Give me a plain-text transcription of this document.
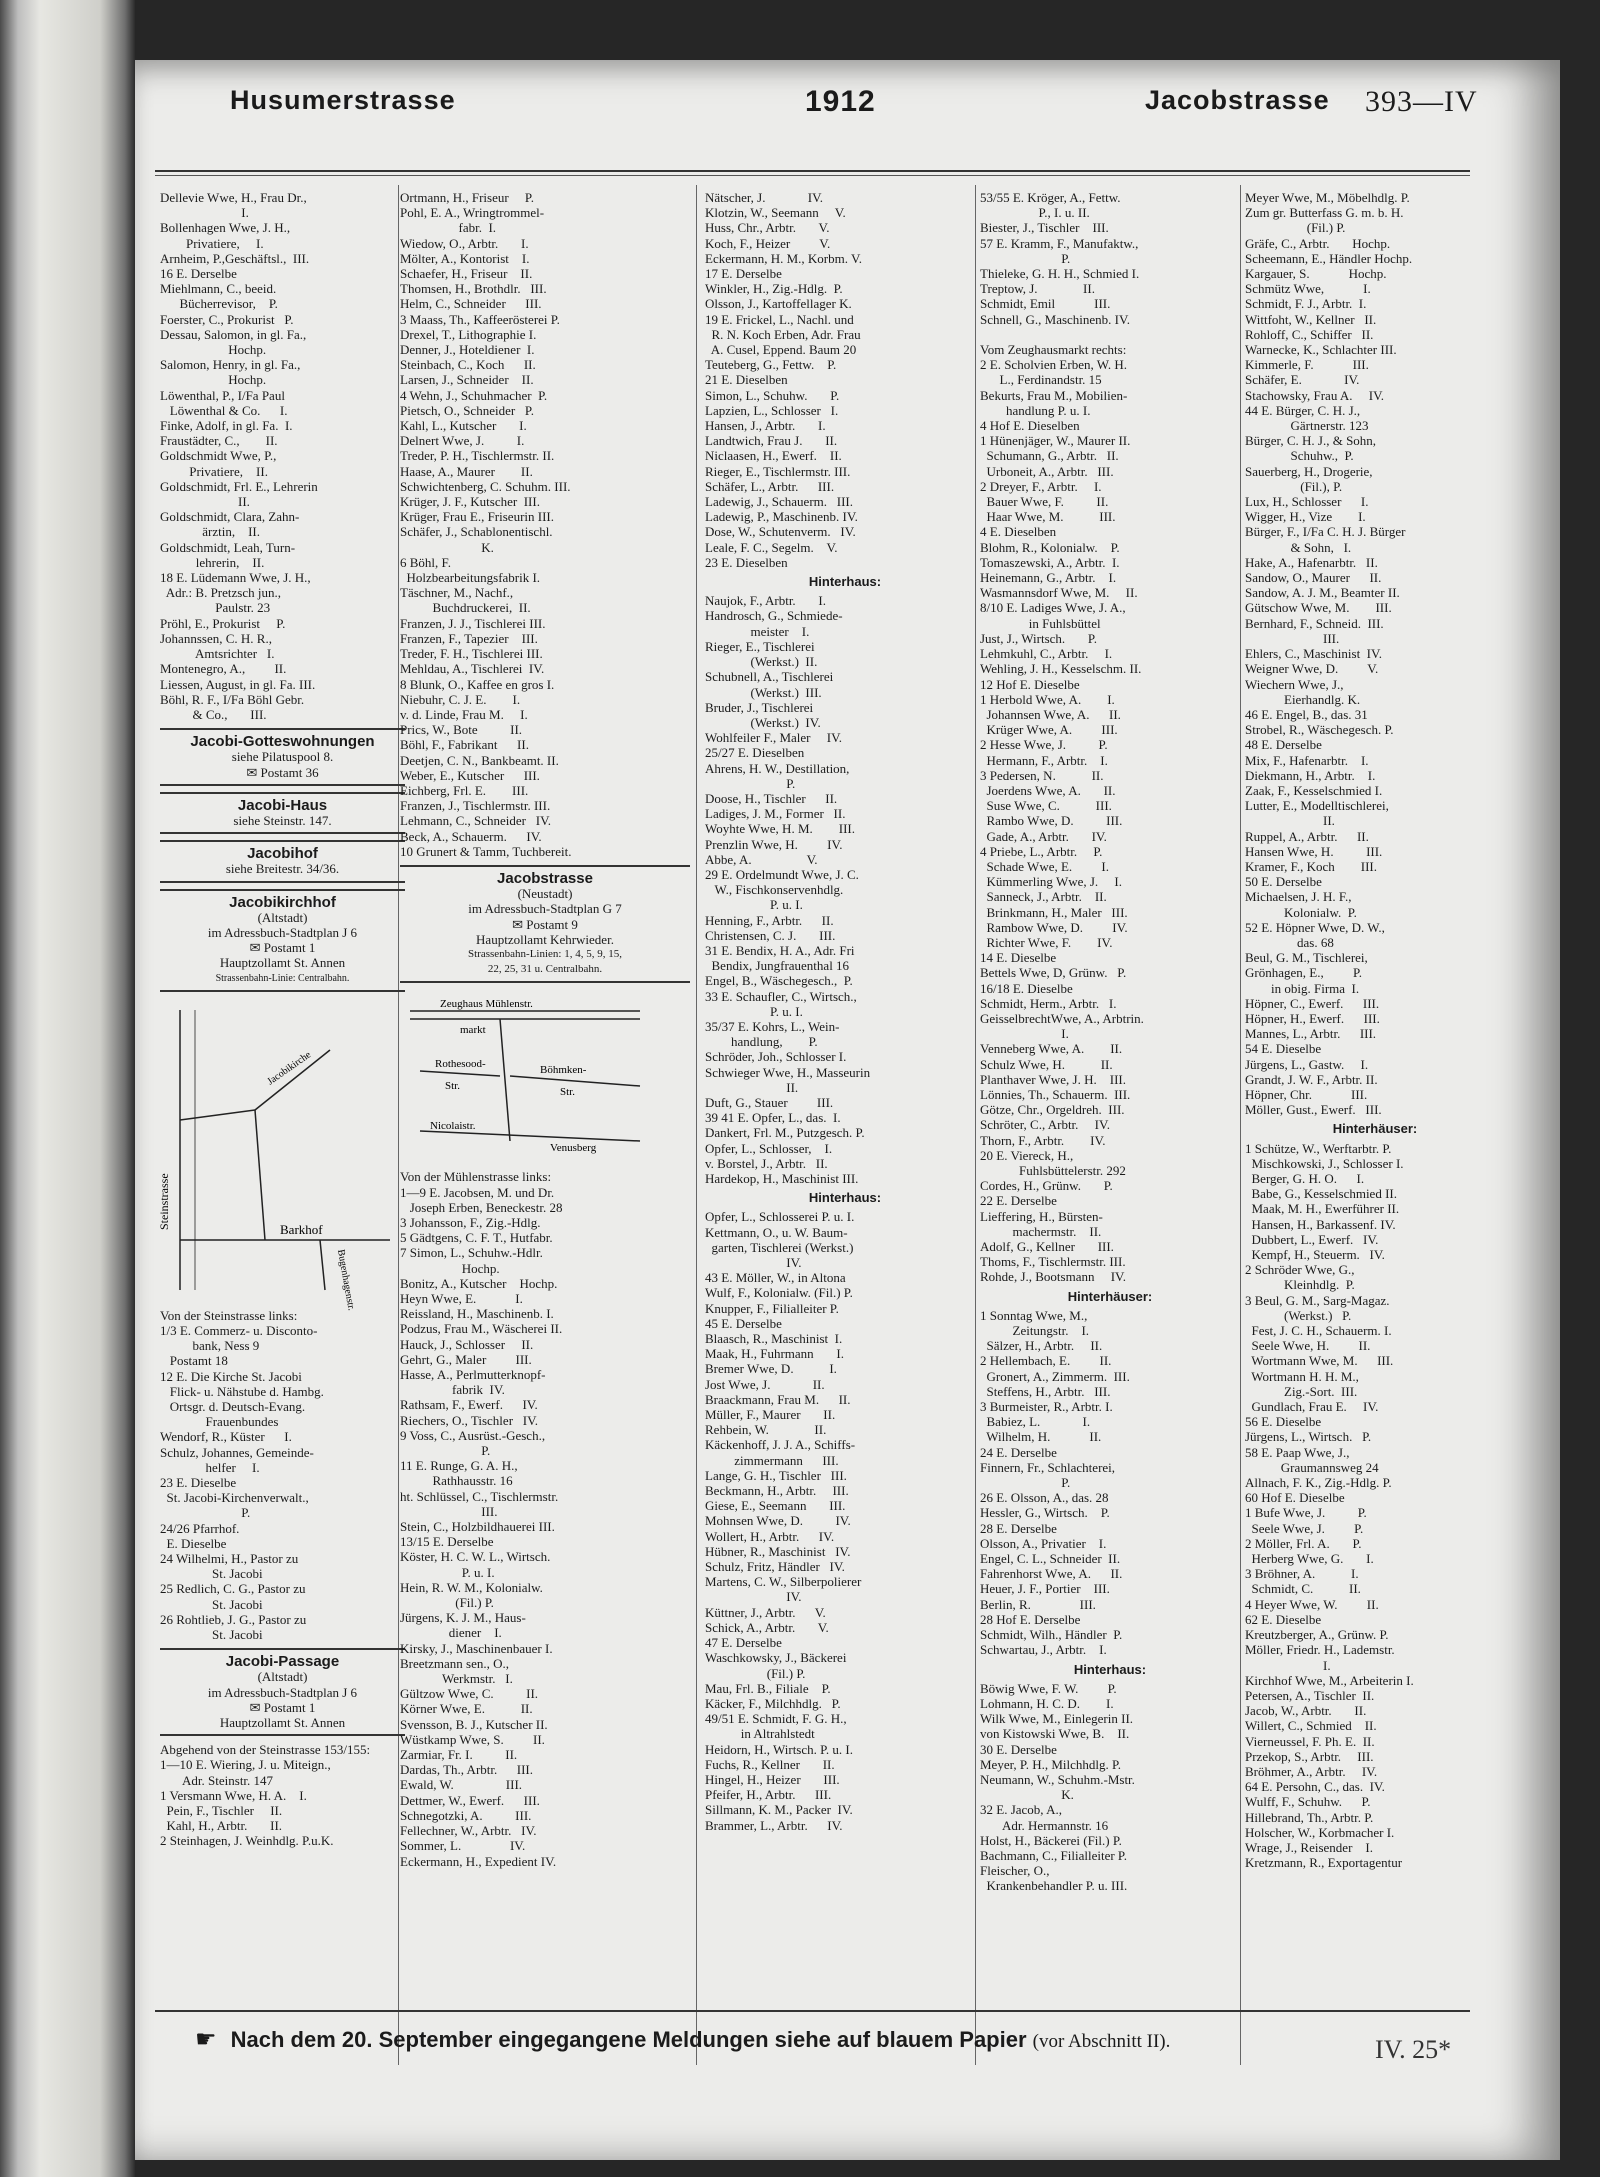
Husumerstrasse	1912	Jacobstrasse 393—IV
Dellevie Wwe, H., Frau Dr.,
I.
Bollenhagen Wwe, J. H.,
Privatiere,     I.
Arnheim, P.,Geschäftsl.,  III.
16 E. Derselbe
Miehlmann, C., beeid.
Bücherrevisor,    P.
Foerster, C., Prokurist   P.
Dessau, Salomon, in gl. Fa.,
Hochp.
Salomon, Henry, in gl. Fa.,
Hochp.
Löwenthal, P., I/Fa Paul
Löwenthal & Co.      I.
Finke, Adolf, in gl. Fa.  I.
Fraustädter, C.,        II.
Goldschmidt Wwe, P.,
Privatiere,    II.
Goldschmidt, Frl. E., Lehrerin
II.
Goldschmidt, Clara, Zahn-
ärztin,    II.
Goldschmidt, Leah, Turn-
lehrerin,    II.
18 E. Lüdemann Wwe, J. H.,
Adr.: B. Pretzsch jun.,
Paulstr. 23
Pröhl, E., Prokurist     P.
Johannssen, C. H. R.,
Amtsrichter   I.
Montenegro, A.,         II.
Liessen, August, in gl. Fa. III.
Böhl, R. F., I/Fa Böhl Gebr.
& Co.,       III.
Jacobi-Gotteswohnungen
siehe Pilatuspool 8.
✉ Postamt 36
Jacobi-Haus
siehe Steinstr. 147.
Jacobihof
siehe Breitestr. 34/36.
Jacobikirchhof
(Altstadt)
im Adressbuch-Stadtplan J 6
✉ Postamt 1
Hauptzollamt St. Annen
Strassenbahn-Linie: Centralbahn.
Steinstrasse
Jacobikirche
Barkhof
Bugenhagenstr.
Von der Steinstrasse links:
1/3 E. Commerz- u. Disconto-
bank, Ness 9
Postamt 18
12 E. Die Kirche St. Jacobi
Flick- u. Nähstube d. Hambg.
Ortsgr. d. Deutsch-Evang.
Frauenbundes
Wendorf, R., Küster      I.
Schulz, Johannes, Gemeinde-
helfer     I.
23 E. Dieselbe
St. Jacobi-Kirchenverwalt.,
P.
24/26 Pfarrhof.
E. Dieselbe
24 Wilhelmi, H., Pastor zu
St. Jacobi
25 Redlich, C. G., Pastor zu
St. Jacobi
26 Rohtlieb, J. G., Pastor zu
St. Jacobi
Jacobi-Passage
(Altstadt)
im Adressbuch-Stadtplan J 6
✉ Postamt 1
Hauptzollamt St. Annen
Abgehend von der Steinstrasse 153/155:
1—10 E. Wiering, J. u. Miteign.,
Adr. Steinstr. 147
1 Versmann Wwe, H. A.    I.
Pein, F., Tischler     II.
Kahl, H., Arbtr.       II.
2 Steinhagen, J. Weinhdlg. P.u.K.
Ortmann, H., Friseur     P.
Pohl, E. A., Wringtrommel-
fabr.  I.
Wiedow, O., Arbtr.       I.
Mölter, A., Kontorist    I.
Schaefer, H., Friseur    II.
Thomsen, H., Brothdlr.   III.
Helm, C., Schneider      III.
3 Maass, Th., Kaffeerösterei P.
Drexel, T., Lithographie I.
Denner, J., Hoteldiener  I.
Steinbach, C., Koch      II.
Larsen, J., Schneider    II.
4 Wehn, J., Schuhmacher  P.
Pietsch, O., Schneider   P.
Kahl, L., Kutscher       I.
Delnert Wwe, J.          I.
Treder, P. H., Tischlermstr. II.
Haase, A., Maurer        II.
Schwichtenberg, C. Schuhm. III.
Krüger, J. F., Kutscher  III.
Krüger, Frau E., Friseurin III.
Schäfer, J., Schablonentischl.
K.
6 Böhl, F.
Holzbearbeitungsfabrik I.
Täschner, M., Nachf.,
Buchdruckerei,  II.
Franzen, J. J., Tischlerei III.
Franzen, F., Tapezier    III.
Treder, F. H., Tischlerei III.
Mehldau, A., Tischlerei  IV.
8 Blunk, O., Kaffee en gros I.
Niebuhr, C. J. E.        I.
v. d. Linde, Frau M.     I.
Prics, W., Bote          II.
Böhl, F., Fabrikant      II.
Deetjen, C. N., Bankbeamt. II.
Weber, E., Kutscher      III.
Eichberg, Frl. E.        III.
Franzen, J., Tischlermstr. III.
Lehmann, C., Schneider   IV.
Beck, A., Schauerm.      IV.
10 Grunert & Tamm, Tuchbereit.
Jacobstrasse
(Neustadt)
im Adressbuch-Stadtplan G 7
✉ Postamt 9
Hauptzollamt Kehrwieder.
Strassenbahn-Linien: 1, 4, 5, 9, 15,
22, 25, 31 u. Centralbahn.
Zeughaus Mühlenstr.
markt
Rothesood-
Str.
Böhmken-
Str.
Nicolaistr.
Venusberg
Von der Mühlenstrasse links:
1—9 E. Jacobsen, M. und Dr.
Joseph Erben, Beneckestr. 28
3 Johansson, F., Zig.-Hdlg.
5 Gädtgens, C. F. T., Hutfabr.
7 Simon, L., Schuhw.-Hdlr.
Hochp.
Bonitz, A., Kutscher    Hochp.
Heyn Wwe, E.            I.
Reissland, H., Maschinenb. I.
Podzus, Frau M., Wäscherei II.
Hauck, J., Schlosser     II.
Gehrt, G., Maler         III.
Hasse, A., Perlmutterknopf-
fabrik  IV.
Rathsam, F., Ewerf.      IV.
Riechers, O., Tischler   IV.
9 Voss, C., Ausrüst.-Gesch.,
P.
11 E. Runge, G. A. H.,
Rathhausstr. 16
ht. Schlüssel, C., Tischlermstr.
III.
Stein, C., Holzbildhauerei III.
13/15 E. Derselbe
Köster, H. C. W. L., Wirtsch.
P. u. I.
Hein, R. W. M., Kolonialw.
(Fil.) P.
Jürgens, K. J. M., Haus-
diener    I.
Kirsky, J., Maschinenbauer I.
Breetzmann sen., O.,
Werkmstr.   I.
Gültzow Wwe, C.          II.
Körner Wwe, E.           II.
Svensson, B. J., Kutscher II.
Wüstkamp Wwe, S.         II.
Zarmiar, Fr. I.          II.
Dardas, Th., Arbtr.      III.
Ewald, W.                III.
Dettmer, W., Ewerf.      III.
Schnegotzki, A.          III.
Fellechner, W., Arbtr.   IV.
Sommer, L.               IV.
Eckermann, H., Expedient IV.
Nätscher, J.             IV.
Klotzin, W., Seemann     V.
Huss, Chr., Arbtr.       V.
Koch, F., Heizer         V.
Eckermann, H. M., Korbm. V.
17 E. Derselbe
Winkler, H., Zig.-Hdlg.  P.
Olsson, J., Kartoffellager K.
19 E. Frickel, L., Nachl. und
R. N. Koch Erben, Adr. Frau
A. Cusel, Eppend. Baum 20
Teuteberg, G., Fettw.    P.
21 E. Dieselben
Simon, L., Schuhw.       P.
Lapzien, L., Schlosser   I.
Hansen, J., Arbtr.       I.
Landtwich, Frau J.       II.
Niclaasen, H., Ewerf.    II.
Rieger, E., Tischlermstr. III.
Schäfer, L., Arbtr.      III.
Ladewig, J., Schauerm.   III.
Ladewig, P., Maschinenb. IV.
Dose, W., Schutenverm.   IV.
Leale, F. C., Segelm.    V.
23 E. Dieselben
Hinterhaus:
Naujok, F., Arbtr.       I.
Handrosch, G., Schmiede-
meister    I.
Rieger, E., Tischlerei
(Werkst.)  II.
Schubnell, A., Tischlerei
(Werkst.)  III.
Bruder, J., Tischlerei
(Werkst.)  IV.
Wohlfeiler F., Maler     IV.
25/27 E. Dieselben
Ahrens, H. W., Destillation,
P.
Doose, H., Tischler      II.
Ladiges, J. M., Former   II.
Woyhte Wwe, H. M.        III.
Prenzlin Wwe, H.         IV.
Abbe, A.                 V.
29 E. Ordelmundt Wwe, J. C.
W., Fischkonservenhdlg.
P. u. I.
Henning, F., Arbtr.      II.
Christensen, C. J.       III.
31 E. Bendix, H. A., Adr. Fri
Bendix, Jungfrauenthal 16
Engel, B., Wäschegesch.,  P.
33 E. Schaufler, C., Wirtsch.,
P. u. I.
35/37 E. Kohrs, L., Wein-
handlung,        P.
Schröder, Joh., Schlosser I.
Schwieger Wwe, H., Masseurin
II.
Duft, G., Stauer         III.
39 41 E. Opfer, L., das.  I.
Dankert, Frl. M., Putzgesch. P.
Opfer, L., Schlosser,    I.
v. Borstel, J., Arbtr.   II.
Hardekop, H., Maschinist III.
Hinterhaus:
Opfer, L., Schlosserei P. u. I.
Kettmann, O., u. W. Baum-
garten, Tischlerei (Werkst.)
IV.
43 E. Möller, W., in Altona
Wulf, F., Kolonialw. (Fil.) P.
Knupper, F., Filialleiter P.
45 E. Derselbe
Blaasch, R., Maschinist  I.
Maak, H., Fuhrmann       I.
Bremer Wwe, D.           I.
Jost Wwe, J.             II.
Braackmann, Frau M.      II.
Müller, F., Maurer       II.
Rehbein, W.              II.
Käckenhoff, J. J. A., Schiffs-
zimmermann      III.
Lange, G. H., Tischler   III.
Beckmann, H., Arbtr.     III.
Giese, E., Seemann       III.
Mohnsen Wwe, D.          IV.
Wollert, H., Arbtr.      IV.
Hübner, R., Maschinist   IV.
Schulz, Fritz, Händler   IV.
Martens, C. W., Silberpolierer
IV.
Küttner, J., Arbtr.      V.
Schick, A., Arbtr.       V.
47 E. Derselbe
Waschkowsky, J., Bäckerei
(Fil.) P.
Mau, Frl. B., Filiale    P.
Käcker, F., Milchhdlg.   P.
49/51 E. Schmidt, F. G. H.,
in Altrahlstedt
Heidorn, H., Wirtsch. P. u. I.
Fuchs, R., Kellner       II.
Hingel, H., Heizer       III.
Pfeifer, H., Arbtr.      III.
Sillmann, K. M., Packer  IV.
Brammer, L., Arbtr.      IV.
53/55 E. Kröger, A., Fettw.
P., I. u. II.
Biester, J., Tischler    III.
57 E. Kramm, F., Manufaktw.,
P.
Thieleke, G. H. H., Schmied I.
Treptow, J.              II.
Schmidt, Emil            III.
Schnell, G., Maschinenb. IV.

Vom Zeughausmarkt rechts:
2 E. Scholvien Erben, W. H.
L., Ferdinandstr. 15
Bekurts, Frau M., Mobilien-
handlung P. u. I.
4 Hof E. Dieselben
1 Hünenjäger, W., Maurer II.
Schumann, G., Arbtr.   II.
Urboneit, A., Arbtr.   III.
2 Dreyer, F., Arbtr.     I.
Bauer Wwe, F.          II.
Haar Wwe, M.           III.
4 E. Dieselben
Blohm, R., Kolonialw.    P.
Tomaszewski, A., Arbtr.  I.
Heinemann, G., Arbtr.    I.
Wasmannsdorf Wwe, M.     II.
8/10 E. Ladiges Wwe, J. A.,
in Fuhlsbüttel
Just, J., Wirtsch.       P.
Lehmkuhl, C., Arbtr.     I.
Wehling, J. H., Kesselschm. II.
12 Hof E. Dieselbe
1 Herbold Wwe, A.        I.
Johannsen Wwe, A.      II.
Krüger Wwe, A.         III.
2 Hesse Wwe, J.          P.
Hermann, F., Arbtr.    I.
3 Pedersen, N.           II.
Joerdens Wwe, A.       II.
Suse Wwe, C.           III.
Rambo Wwe, D.          III.
Gade, A., Arbtr.       IV.
4 Priebe, L., Arbtr.     P.
Schade Wwe, E.         I.
Kümmerling Wwe, J.     I.
Sanneck, J., Arbtr.    II.
Brinkmann, H., Maler   III.
Rambow Wwe, D.         IV.
Richter Wwe, F.        IV.
14 E. Dieselbe
Bettels Wwe, D, Grünw.   P.
16/18 E. Dieselbe
Schmidt, Herm., Arbtr.   I.
GeisselbrechtWwe, A., Arbtrin.
I.
Venneberg Wwe, A.        II.
Schulz Wwe, H.           II.
Planthaver Wwe, J. H.    III.
Lönnies, Th., Schauerm.  III.
Götze, Chr., Orgeldreh.  III.
Schröter, C., Arbtr.     IV.
Thorn, F., Arbtr.        IV.
20 E. Viereck, H.,
Fuhlsbüttelerstr. 292
Cordes, H., Grünw.       P.
22 E. Derselbe
Lieffering, H., Bürsten-
machermstr.    II.
Adolf, G., Kellner       III.
Thoms, F., Tischlermstr. III.
Rohde, J., Bootsmann     IV.
Hinterhäuser:
1 Sonntag Wwe, M.,
Zeitungstr.    I.
Sälzer, H., Arbtr.     II.
2 Hellembach, E.         II.
Gronert, A., Zimmerm.  III.
Steffens, H., Arbtr.   III.
3 Burmeister, R., Arbtr. I.
Babiez, L.             I.
Wilhelm, H.            II.
24 E. Derselbe
Finnern, Fr., Schlachterei,
P.
26 E. Olsson, A., das. 28
Hessler, G., Wirtsch.    P.
28 E. Derselbe
Olsson, A., Privatier    I.
Engel, C. L., Schneider  II.
Fahrenhorst Wwe, A.      II.
Heuer, J. F., Portier    III.
Berlin, R.               III.
28 Hof E. Derselbe
Schmidt, Wilh., Händler  P.
Schwartau, J., Arbtr.    I.
Hinterhaus:
Böwig Wwe, F. W.         P.
Lohmann, H. C. D.        I.
Wilk Wwe, M., Einlegerin II.
von Kistowski Wwe, B.    II.
30 E. Derselbe
Meyer, P. H., Milchhdlg. P.
Neumann, W., Schuhm.-Mstr.
K.
32 E. Jacob, A.,
Adr. Hermannstr. 16
Holst, H., Bäckerei (Fil.) P.
Bachmann, C., Filialleiter P.
Fleischer, O.,
Krankenbehandler P. u. III.
Meyer Wwe, M., Möbelhdlg. P.
Zum gr. Butterfass G. m. b. H.
(Fil.) P.
Gräfe, C., Arbtr.       Hochp.
Scheemann, E., Händler Hochp.
Kargauer, S.            Hochp.
Schmütz Wwe,            I.
Schmidt, F. J., Arbtr.  I.
Wittfoht, W., Kellner   II.
Rohloff, C., Schiffer   II.
Warnecke, K., Schlachter III.
Kimmerle, F.            III.
Schäfer, E.             IV.
Stachowsky, Frau A.     IV.
44 E. Bürger, C. H. J.,
Gärtnerstr. 123
Bürger, C. H. J., & Sohn,
Schuhw.,  P.
Sauerberg, H., Drogerie,
(Fil.), P.
Lux, H., Schlosser      I.
Wigger, H., Vize        I.
Bürger, F., I/Fa C. H. J. Bürger
& Sohn,   I.
Hake, A., Hafenarbtr.   II.
Sandow, O., Maurer      II.
Sandow, A. J. M., Beamter II.
Gütschow Wwe, M.        III.
Bernhard, F., Schneid.  III.
III.
Ehlers, C., Maschinist  IV.
Weigner Wwe, D.         V.
Wiechern Wwe, J.,
Eierhandlg. K.
46 E. Engel, B., das. 31
Strobel, R., Wäschegesch. P.
48 E. Derselbe
Mix, F., Hafenarbtr.    I.
Diekmann, H., Arbtr.    I.
Zaak, F., Kesselschmied I.
Lutter, E., Modelltischlerei,
II.
Ruppel, A., Arbtr.      II.
Hansen Wwe, H.          III.
Kramer, F., Koch        III.
50 E. Derselbe
Michaelsen, J. H. F.,
Kolonialw.  P.
52 E. Höpner Wwe, D. W.,
das. 68
Beul, G. M., Tischlerei,
Grönhagen, E.,         P.
in obig. Firma  I.
Höpner, C., Ewerf.      III.
Höpner, H., Ewerf.      III.
Mannes, L., Arbtr.      III.
54 E. Dieselbe
Jürgens, L., Gastw.     I.
Grandt, J. W. F., Arbtr. II.
Höpner, Chr.            III.
Möller, Gust., Ewerf.   III.
Hinterhäuser:
1 Schütze, W., Werftarbtr. P.
Mischkowski, J., Schlosser I.
Berger, G. H. O.      I.
Babe, G., Kesselschmied II.
Maak, M. H., Ewerführer II.
Hansen, H., Barkassenf. IV.
Dubbert, L., Ewerf.   IV.
Kempf, H., Steuerm.   IV.
2 Schröder Wwe, G.,
Kleinhdlg.  P.
3 Beul, G. M., Sarg-Magaz.
(Werkst.)   P.
Fest, J. C. H., Schauerm. I.
Seele Wwe, H.         II.
Wortmann Wwe, M.      III.
Wortmann H. H. M.,
Zig.-Sort.  III.
Gundlach, Frau E.     IV.
56 E. Dieselbe
Jürgens, L., Wirtsch.   P.
58 E. Paap Wwe, J.,
Graumannsweg 24
Allnach, F. K., Zig.-Hdlg. P.
60 Hof E. Dieselbe
1 Bufe Wwe, J.          P.
Seele Wwe, J.         P.
2 Möller, Frl. A.       P.
Herberg Wwe, G.       I.
3 Bröhner, A.           I.
Schmidt, C.           II.
4 Heyer Wwe, W.         II.
62 E. Dieselbe
Kreutzberger, A., Grünw. P.
Möller, Friedr. H., Lademstr.
I.
Kirchhof Wwe, M., Arbeiterin I.
Petersen, A., Tischler  II.
Jacob, W., Arbtr.       II.
Willert, C., Schmied    II.
Vierneussel, F. Ph. E.  II.
Przekop, S., Arbtr.     III.
Bröhmer, A., Arbtr.     IV.
64 E. Persohn, C., das.  IV.
Wulff, F., Schuhw.      P.
Hillebrand, Th., Arbtr. P.
Holscher, W., Korbmacher I.
Wrage, J., Reisender    I.
Kretzmann, R., Exportagentur
☛ Nach dem 20. September eingegangene Meldungen siehe auf blauem Papier (vor Abschnitt II).	IV. 25*
